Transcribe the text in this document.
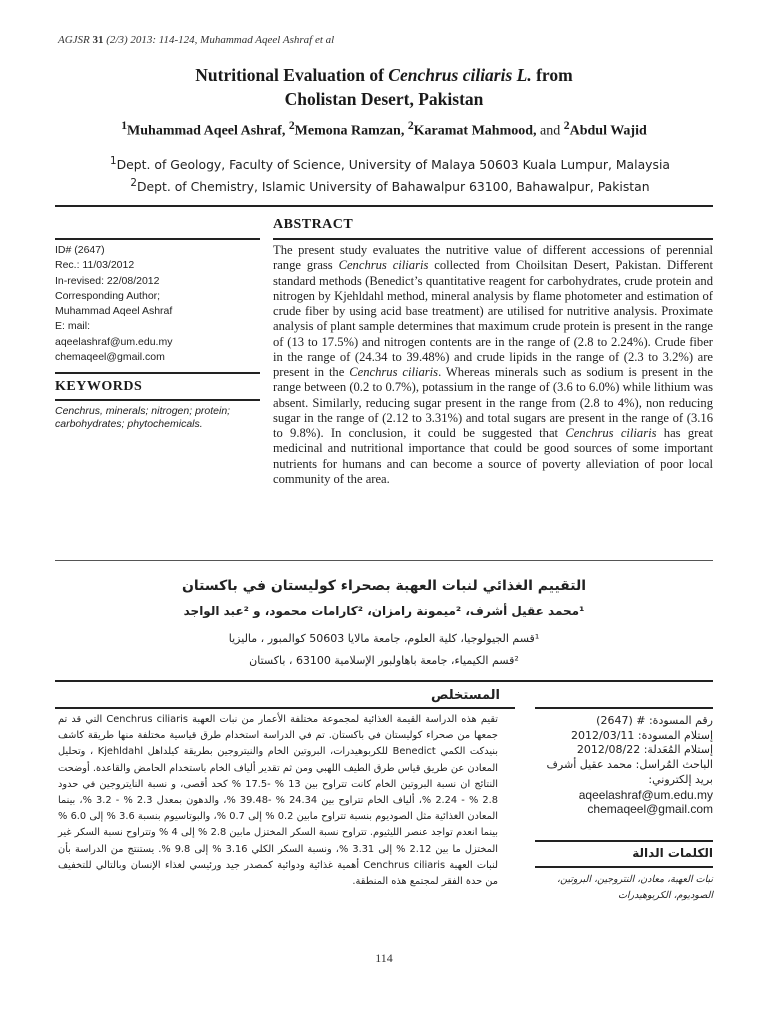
AGJSR 31 (2/3) 2013: 114-124, Muhammad Aqeel Ashraf et al
Nutritional Evaluation of Cenchrus ciliaris L. from
Cholistan Desert, Pakistan
$^1$Muhammad Aqeel Ashraf, $^2$Memona Ramzan, $^2$Karamat Mahmood, and $^2$Abdul Wajid
$^1$Dept. of Geology, Faculty of Science, University of Malaya 50603 Kuala Lumpur, Malaysia
$^2$Dept. of Chemistry, Islamic University of Bahawalpur 63100, Bahawalpur, Pakistan
ABSTRACT
ID# (2647)
Rec.: 11/03/2012
In-revised: 22/08/2012
Corresponding Author;
Muhammad Aqeel Ashraf
E: mail:
aqeelashraf@um.edu.my
chemaqeel@gmail.com
KEYWORDS
Cenchrus, minerals; nitrogen; protein; carbohydrates; phytochemicals.
The present study evaluates the nutritive value of different accessions of perennial range grass Cenchrus ciliaris collected from Choilsitan Desert, Pakistan. Different standard methods (Benedict’s quantitative reagent for carbohydrates, crude protein and nitrogen by Kjehldahl method, mineral analysis by flame photometer and estimation of crude fiber by using acid base treatment) are utilised for nutritive analysis. Proximate analysis of plant sample determines that maximum crude protein is present in the range of (13 to 17.5%) and nitrogen contents are in the range of (2.8 to 2.24%). Crude fiber in the range of (24.34 to 39.48%) and crude lipids in the range of (2.3 to 3.2%) are present in the Cenchrus ciliaris. Whereas minerals such as sodium is present in the range between (0.2 to 0.7%), potassium in the range of (3.6 to 6.0%) while lithium was absent. Similarly, reducing sugar present in the range from (2.8 to 4%), non reducing sugar in the range of (2.12 to 3.31%) and total sugars are present in the range of (3.16 to 9.8%). In conclusion, it could be suggested that Cenchrus ciliaris has great medicinal and nutritional importance that could be good sources of some important nutrients for humans and can become a source of poverty alleviation of poor local community of the area.
التقييم الغذائي لنبات العهبة بصحراء كوليستان في باكستان
¹محمد عقيل أشرف، ²ميمونة رامزان، ²كارامات محمود، و ²عبد الواجد
¹قسم الجيولوجيا، كلية العلوم، جامعة مالايا 50603 كوالمبور ، ماليزيا
²قسم الكيمياء، جامعة باهاولبور الإسلامية 63100 ، باكستان
المستخلص
تقيم هذه الدراسة القيمة الغذائية لمجموعة مختلفة الأعمار من نبات العهبة Cenchrus ciliaris التي قد تم جمعها من صحراء كوليستان في باكستان. تم في الدراسة استخدام طرق قياسية مختلفة منها طريقة كاشف بنيدكت الكمي Benedict للكربوهيدرات، البروتين الخام والنيتروجين بطريقة كيلداهل Kjehldahl ، وتحليل المعادن عن طريق قياس طرق الطيف اللهبي ومن ثم تقدير ألياف الخام باستخدام الحامض والقاعدة. أوضحت النتائج ان نسبة البروتين الخام كانت تتراوح بين 13 % -17.5 % كحد أقصى، و نسبة النايتروجين في حدود 2.8 % - 2.24 %، ألياف الخام تتراوح بين 24.34 % -39.48 %، والدهون بمعدل 2.3 % - 3.2 %، بينما المعادن الغذائية مثل الصوديوم بنسبة تتراوح مابين 0.2 % إلى 0.7 %، والبوتاسيوم بنسبة 3.6 % إلى 6.0 % بينما انعدم تواجد عنصر الليثيوم. تتراوح نسبة السكر المختزل مابين 2.8 % إلى 4 % وتتراوح نسبة السكر غير المختزل ما بين 2.12 % إلى 3.31 %، ونسبة السكر الكلي 3.16 % إلى 9.8 %. يستنتج من الدراسة بأن لنبات العهبة Cenchrus ciliaris أهمية غذائية ودوائية كمصدر جيد ورئيسي لغذاء الإنسان وبالتالي للتخفيف من حدة الفقر لمجتمع هذه المنطقة.
رقم المسودة: # (2647)
إستلام المسودة: 2012/03/11
إستلام المُعَدلة: 2012/08/22
الباحث المُراسل: محمد عقيل أشرف
بريد إلكتروني:
aqeelashraf@um.edu.my
chemaqeel@gmail.com
الكلمات الدالة
نبات العهبة، معادن، النتروجين، البروتين، الصوديوم، الكربوهيدرات
114
